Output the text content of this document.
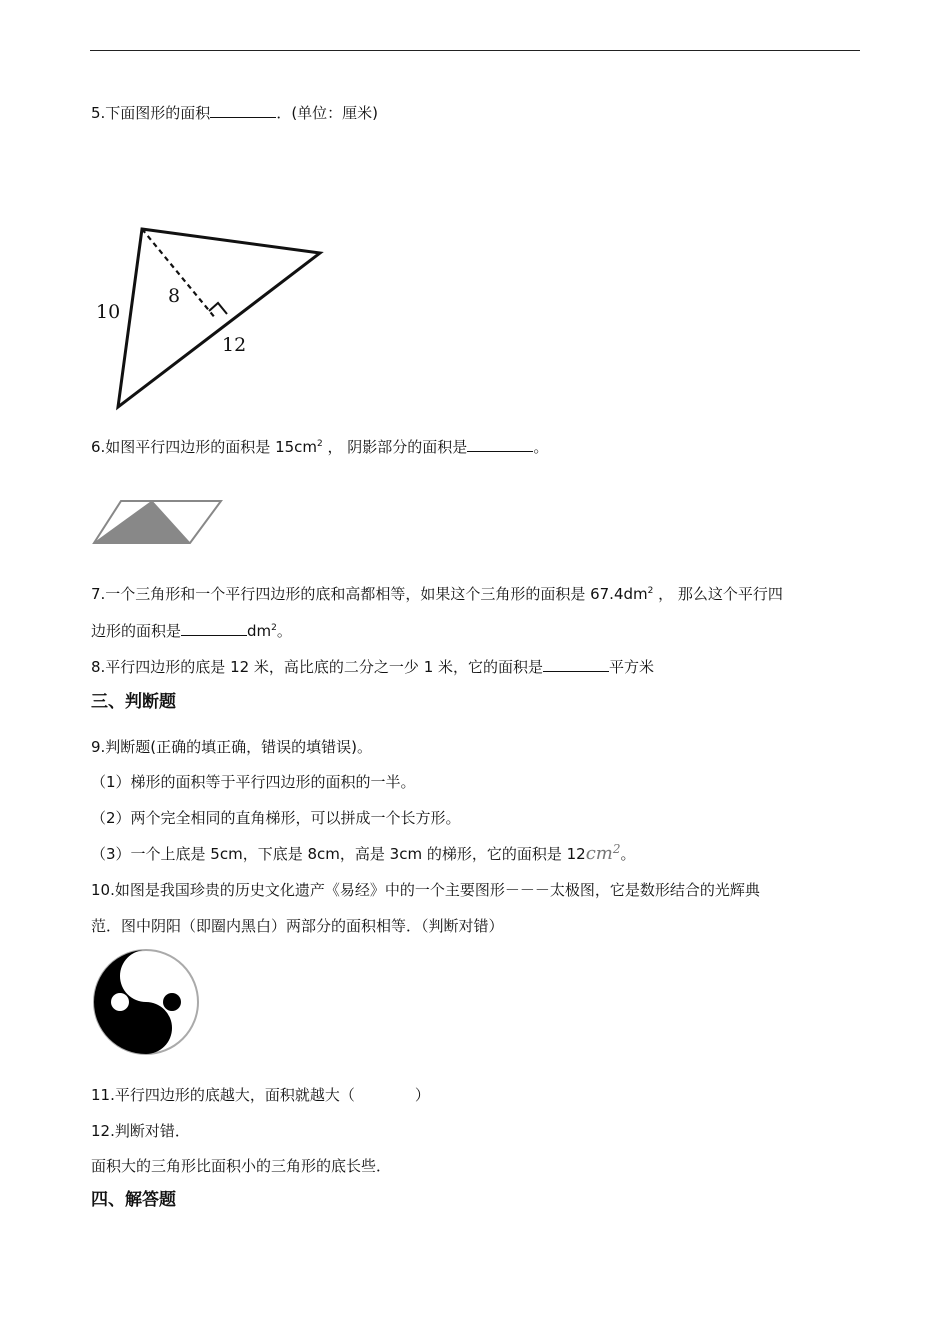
5.下面图形的面积	．(单位：厘米)
10
8
12
6.如图平行四边形的面积是 $15cm^2$ ， 阴影部分的面积是	。
7.一个三角形和一个平行四边形的底和高都相等，如果这个三角形的面积是 $67.4dm^2$ ， 那么这个平行四
边形的面积是	$dm^2$。
8.平行四边形的底是 12 米，高比底的二分之一少 1 米，它的面积是	平方米
三、判断题
9.判断题(正确的填正确，错误的填错误)。
（1）梯形的面积等于平行四边形的面积的一半。
（2）两个完全相同的直角梯形，可以拼成一个长方形。
（3）一个上底是 5cm，下底是 8cm，高是 3cm 的梯形，它的面积是 $12cm^2$。
10.如图是我国珍贵的历史文化遗产《易经》中的一个主要图形－－－太极图，它是数形结合的光辉典
范．图中阴阳（即圈内黑白）两部分的面积相等．（判断对错）
11.平行四边形的底越大，面积就越大（　　　　）
12.判断对错．
面积大的三角形比面积小的三角形的底长些．
四、解答题
